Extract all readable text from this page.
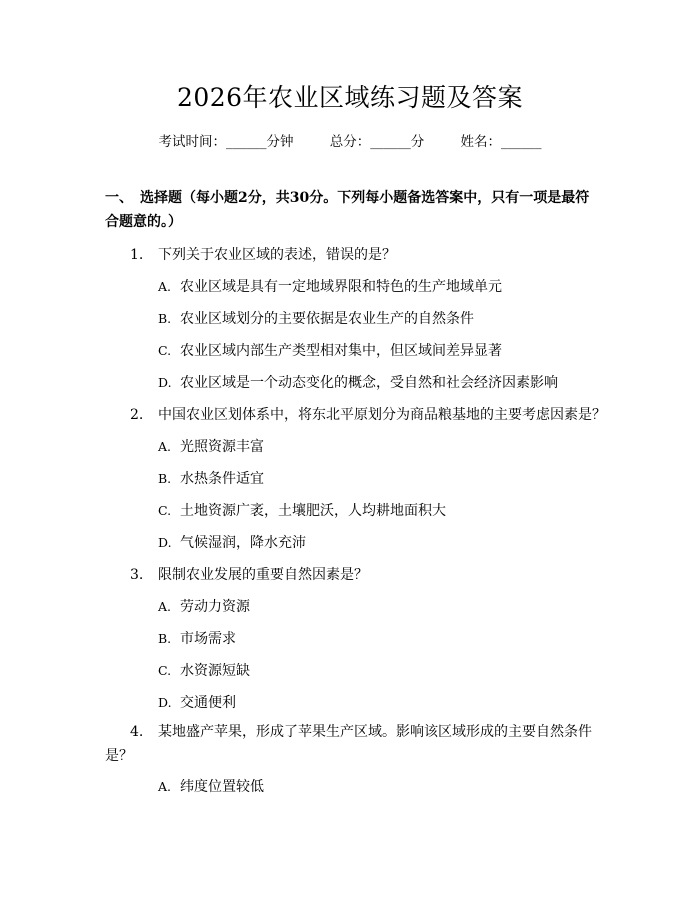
2026年农业区域练习题及答案
考试时间：______分钟	总分：______分	姓名：______
一、　选择题（每小题2分，共30分。下列每小题备选答案中，只有一项是最符合题意的。）
1. 下列关于农业区域的表述，错误的是？
A. 农业区域是具有一定地域界限和特色的生产地域单元
B. 农业区域划分的主要依据是农业生产的自然条件
C. 农业区域内部生产类型相对集中，但区域间差异显著
D. 农业区域是一个动态变化的概念，受自然和社会经济因素影响
2. 中国农业区划体系中，将东北平原划分为商品粮基地的主要考虑因素是？
A. 光照资源丰富
B. 水热条件适宜
C. 土地资源广袤，土壤肥沃，人均耕地面积大
D. 气候湿润，降水充沛
3. 限制农业发展的重要自然因素是？
A. 劳动力资源
B. 市场需求
C. 水资源短缺
D. 交通便利
4. 某地盛产苹果，形成了苹果生产区域。影响该区域形成的主要自然条件是？
A. 纬度位置较低
